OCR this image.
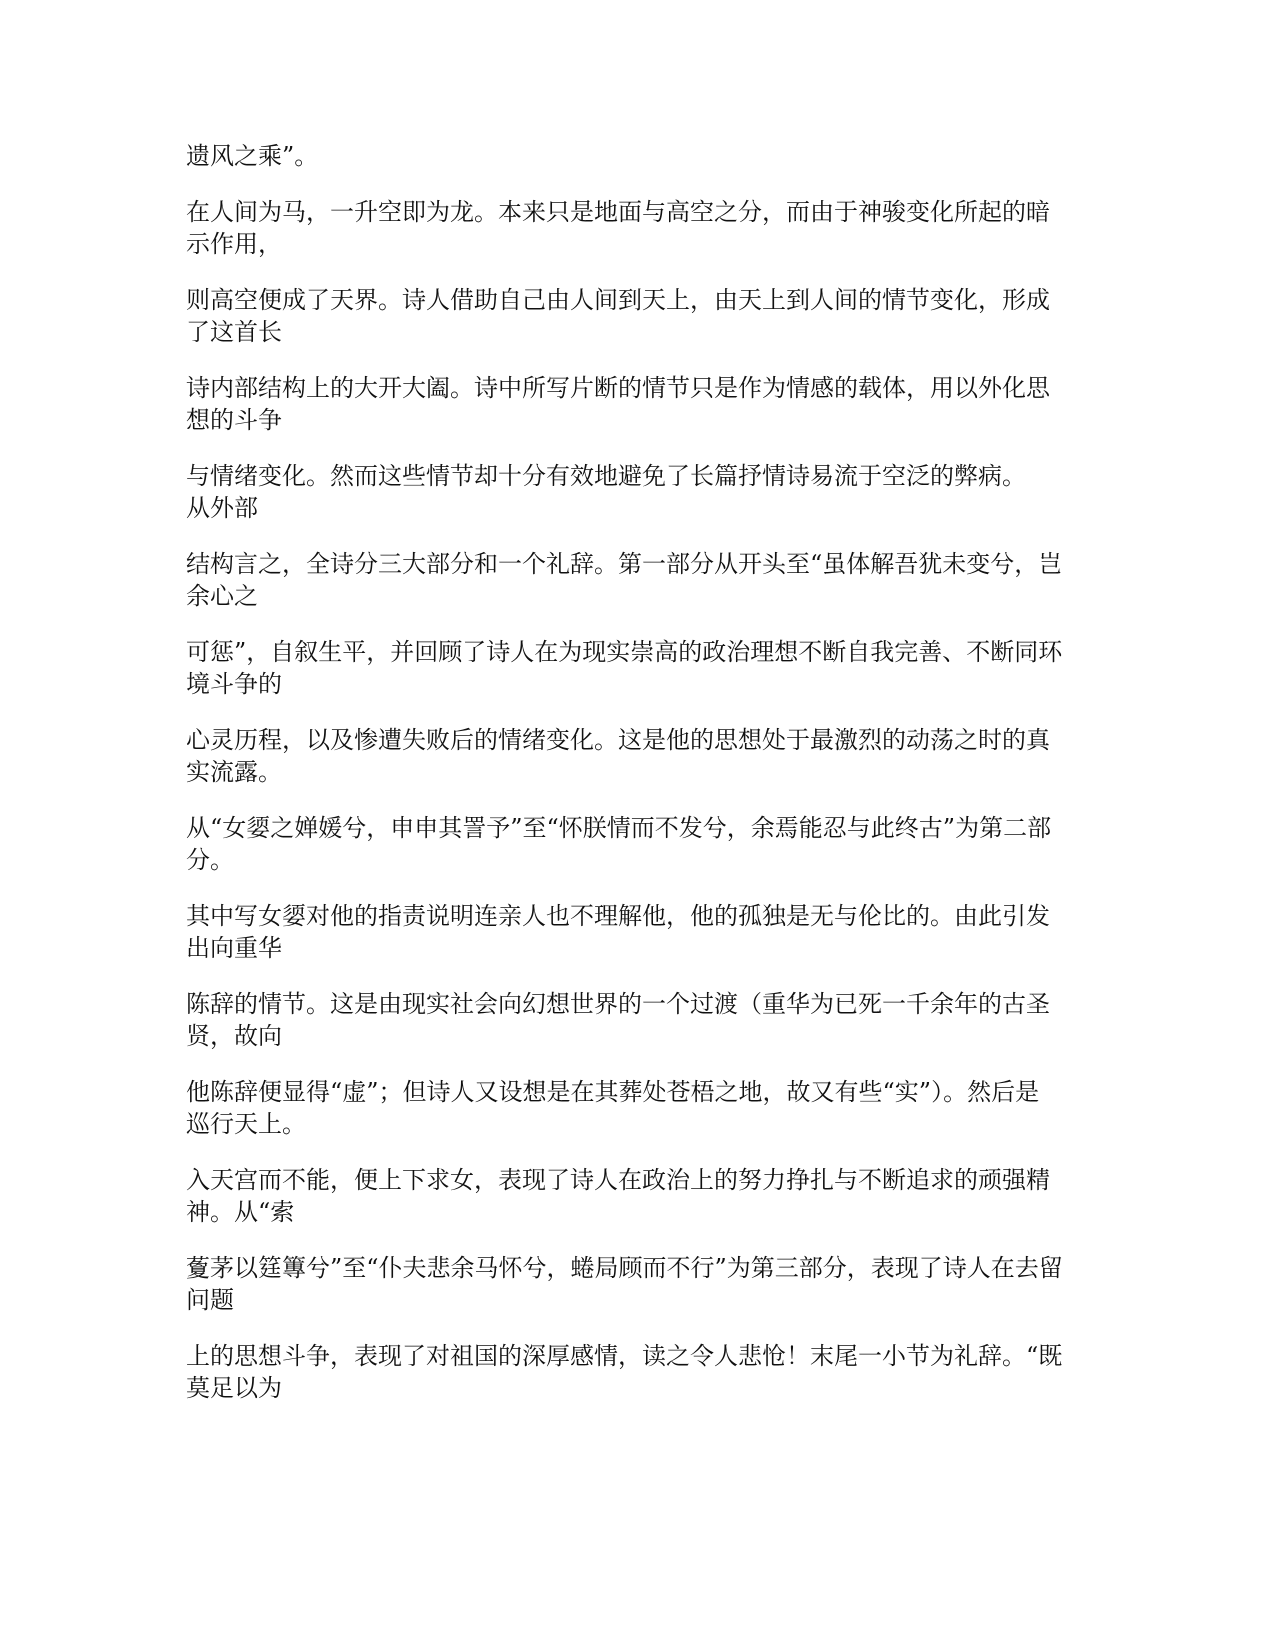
遗风之乘”。

在人间为马，一升空即为龙。本来只是地面与高空之分，而由于神骏变化所起的暗
示作用，

则高空便成了天界。诗人借助自己由人间到天上，由天上到人间的情节变化，形成
了这首长

诗内部结构上的大开大阖。诗中所写片断的情节只是作为情感的载体，用以外化思
想的斗争

与情绪变化。然而这些情节却十分有效地避免了长篇抒情诗易流于空泛的弊病。
从外部

结构言之，全诗分三大部分和一个礼辞。第一部分从开头至“虽体解吾犹未变兮，岂
余心之

可惩”，自叙生平，并回顾了诗人在为现实崇高的政治理想不断自我完善、不断同环
境斗争的

心灵历程，以及惨遭失败后的情绪变化。这是他的思想处于最激烈的动荡之时的真
实流露。

从“女媭之婵媛兮，申申其詈予”至“怀朕情而不发兮，余焉能忍与此终古”为第二部
分。

其中写女媭对他的指责说明连亲人也不理解他，他的孤独是无与伦比的。由此引发
出向重华

陈辞的情节。这是由现实社会向幻想世界的一个过渡（重华为已死一千余年的古圣
贤，故向

他陈辞便显得“虚”；但诗人又设想是在其葬处苍梧之地，故又有些“实”）。然后是
巡行天上。

入天宫而不能，便上下求女，表现了诗人在政治上的努力挣扎与不断追求的顽强精
神。从“索

藑茅以筳篿兮”至“仆夫悲余马怀兮，蜷局顾而不行”为第三部分，表现了诗人在去留
问题

上的思想斗争，表现了对祖国的深厚感情，读之令人悲怆！末尾一小节为礼辞。“既
莫足以为
